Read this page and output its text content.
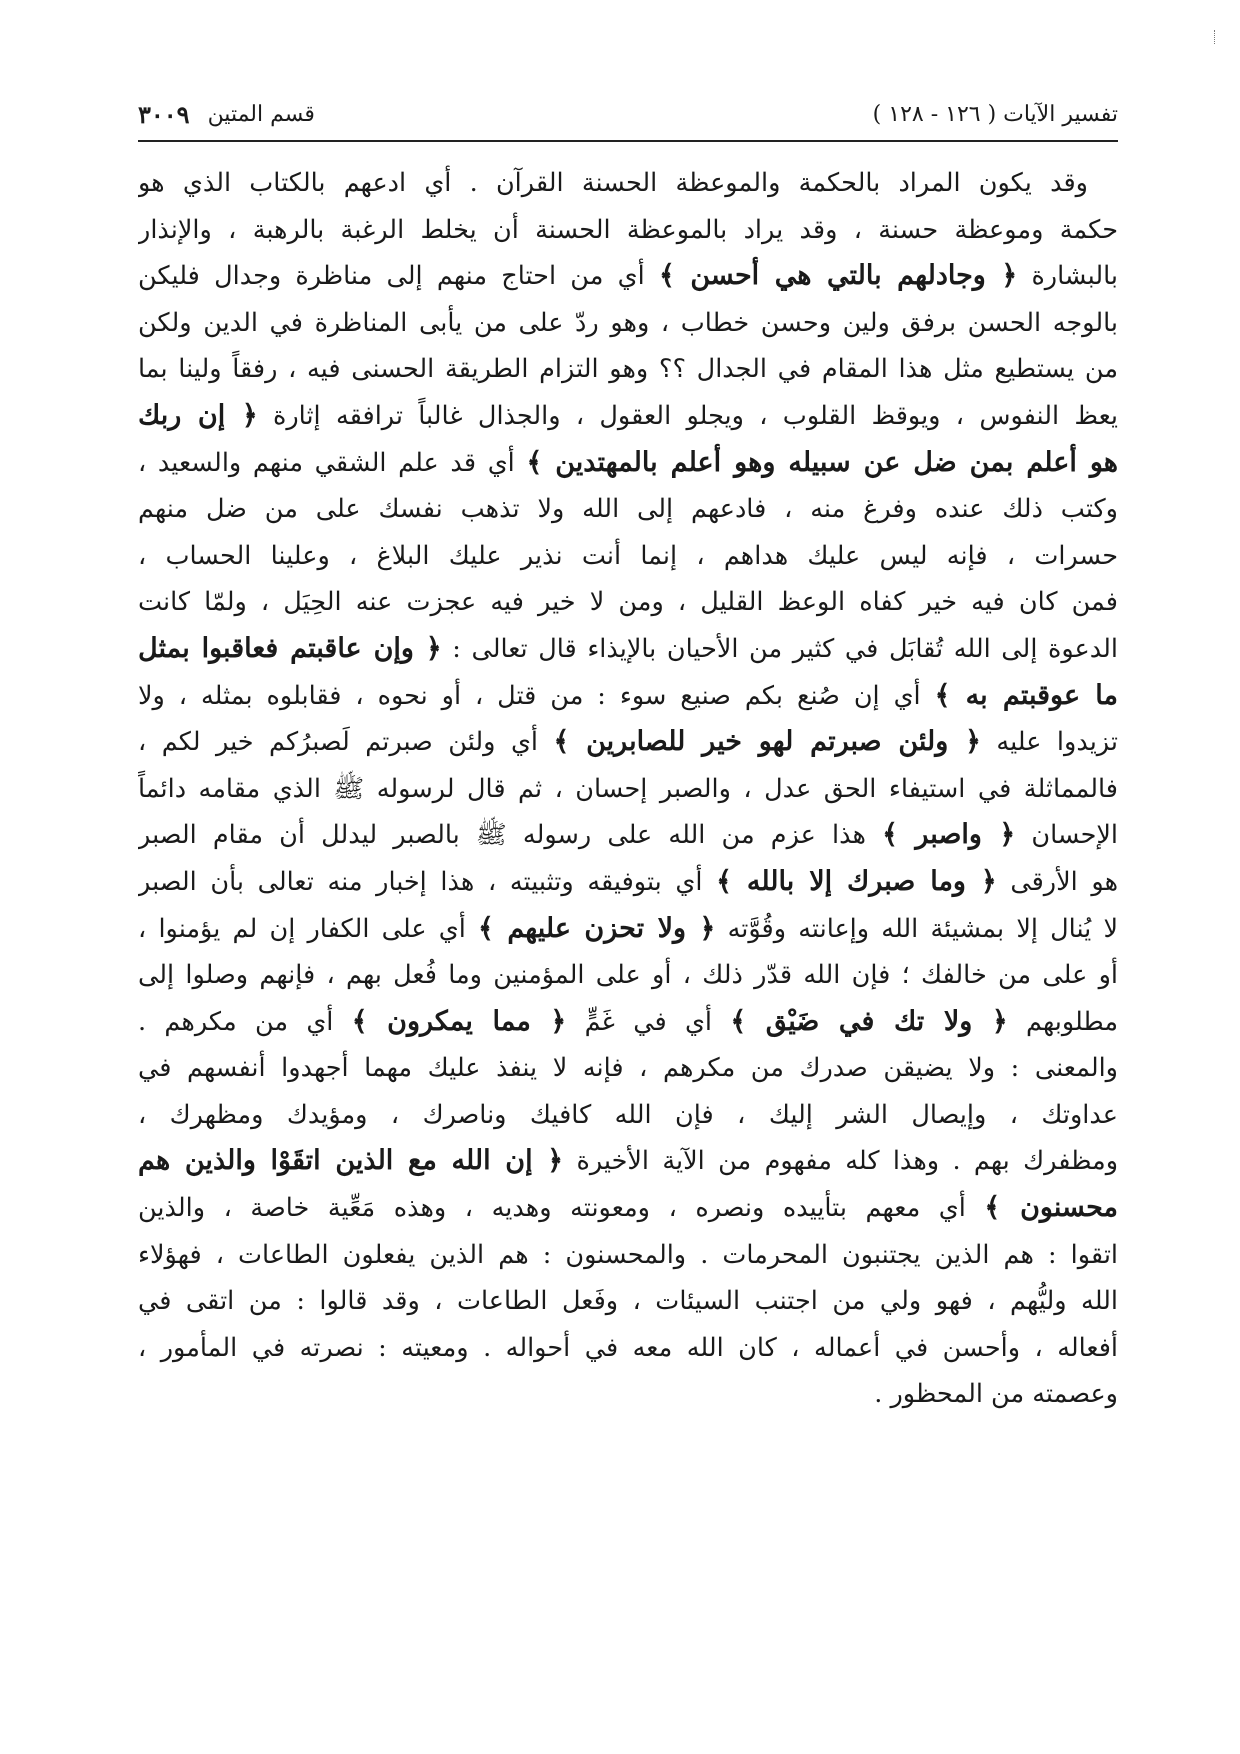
تفسير الآيات ( ١٢٦ - ١٢٨ )
قسم المتين
٣٠٠٩
وقد يكون المراد بالحكمة والموعظة الحسنة القرآن . أي ادعهم بالكتاب الذي هو
حكمة وموعظة حسنة ، وقد يراد بالموعظة الحسنة أن يخلط الرغبة بالرهبة ، والإنذار
بالبشارة ﴿ وجادلهم بالتي هي أحسن ﴾ أي من احتاج منهم إلى مناظرة وجدال فليكن
بالوجه الحسن برفق ولين وحسن خطاب ، وهو ردّ على من يأبى المناظرة في الدين ولكن
من يستطيع مثل هذا المقام في الجدال ؟؟ وهو التزام الطريقة الحسنى فيه ، رفقاً ولينا بما
يعظ النفوس ، ويوقظ القلوب ، ويجلو العقول ، والجذال غالباً ترافقه إثارة ﴿ إن ربك
هو أعلم بمن ضل عن سبيله وهو أعلم بالمهتدين ﴾ أي قد علم الشقي منهم والسعيد ،
وكتب ذلك عنده وفرغ منه ، فادعهم إلى الله ولا تذهب نفسك على من ضل منهم
حسرات ، فإنه ليس عليك هداهم ، إنما أنت نذير عليك البلاغ ، وعلينا الحساب ،
فمن كان فيه خير كفاه الوعظ القليل ، ومن لا خير فيه عجزت عنه الحِيَل ، ولمّا كانت
الدعوة إلى الله تُقابَل في كثير من الأحيان بالإيذاء قال تعالى : ﴿ وإن عاقبتم فعاقبوا بمثل
ما عوقبتم به ﴾ أي إن صُنع بكم صنيع سوء : من قتل ، أو نحوه ، فقابلوه بمثله ، ولا
تزيدوا عليه ﴿ ولئن صبرتم لهو خير للصابرين ﴾ أي ولئن صبرتم لَصبرُكم خير لكم ،
فالمماثلة في استيفاء الحق عدل ، والصبر إحسان ، ثم قال لرسوله ﷺ الذي مقامه دائماً
الإحسان ﴿ واصبر ﴾ هذا عزم من الله على رسوله ﷺ بالصبر ليدلل أن مقام الصبر
هو الأرقى ﴿ وما صبرك إلا بالله ﴾ أي بتوفيقه وتثبيته ، هذا إخبار منه تعالى بأن الصبر
لا يُنال إلا بمشيئة الله وإعانته وقُوَّته ﴿ ولا تحزن عليهم ﴾ أي على الكفار إن لم يؤمنوا ،
أو على من خالفك ؛ فإن الله قدّر ذلك ، أو على المؤمنين وما فُعل بهم ، فإنهم وصلوا إلى
مطلوبهم ﴿ ولا تك في ضَيْق ﴾ أي في غَمٍّ ﴿ مما يمكرون ﴾ أي من مكرهم .
والمعنى : ولا يضيقن صدرك من مكرهم ، فإنه لا ينفذ عليك مهما أجهدوا أنفسهم في
عداوتك ، وإيصال الشر إليك ، فإن الله كافيك وناصرك ، ومؤيدك ومظهرك ،
ومظفرك بهم . وهذا كله مفهوم من الآية الأخيرة ﴿ إن الله مع الذين اتقَوْا والذين هم
محسنون ﴾ أي معهم بتأييده ونصره ، ومعونته وهديه ، وهذه مَعِّية خاصة ، والذين
اتقوا : هم الذين يجتنبون المحرمات . والمحسنون : هم الذين يفعلون الطاعات ، فهؤلاء
الله وليُّهم ، فهو ولي من اجتنب السيئات ، وفَعل الطاعات ، وقد قالوا : من اتقى في
أفعاله ، وأحسن في أعماله ، كان الله معه في أحواله . ومعيته : نصرته في المأمور ،
وعصمته من المحظور .
